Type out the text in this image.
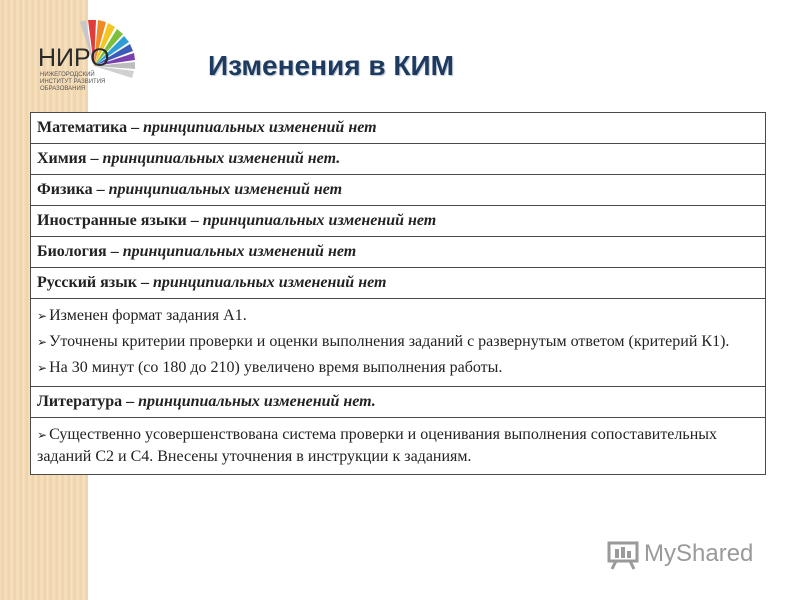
НИРО
НИЖЕГОРОДСКИЙ ИНСТИТУТ РАЗВИТИЯ ОБРАЗОВАНИЯ
Изменения в КИМ
Математика – принципиальных изменений нет
Химия – принципиальных изменений нет.
Физика – принципиальных изменений нет
Иностранные языки – принципиальных изменений нет
Биология – принципиальных изменений нет
Русский язык – принципиальных изменений нет

➢ Изменен формат задания А1.
➢ Уточнены критерии проверки и оценки выполнения заданий с развернутым ответом (критерий К1).
➢ На 30 минут (со 180 до 210) увеличено время выполнения работы.

Литература – принципиальных изменений нет.

➢ Существенно усовершенствована система проверки и оценивания выполнения сопоставительных заданий С2 и С4. Внесены уточнения в инструкции к заданиям.
MyShared
